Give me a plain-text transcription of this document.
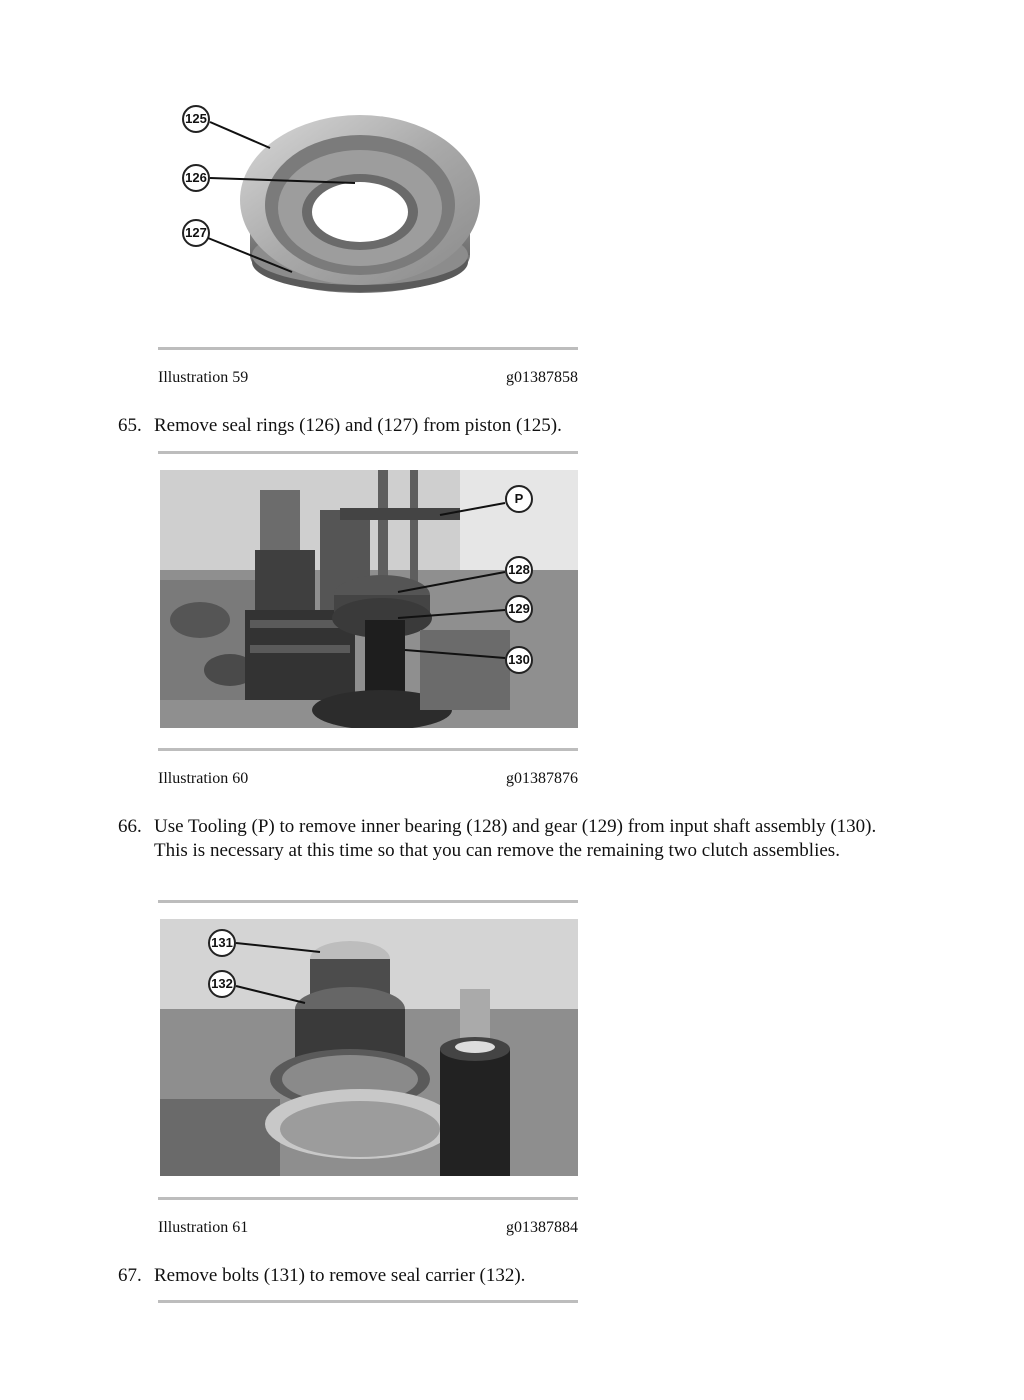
125
126
127
Illustration 59	g01387858
65. Remove seal rings (126) and (127) from piston (125).
P
128
129
130
Illustration 60	g01387876
66. Use Tooling (P) to remove inner bearing (128) and gear (129) from input shaft assembly (130). This is necessary at this time so that you can remove the remaining two clutch assemblies.
131
132
Illustration 61	g01387884
67. Remove bolts (131) to remove seal carrier (132).
